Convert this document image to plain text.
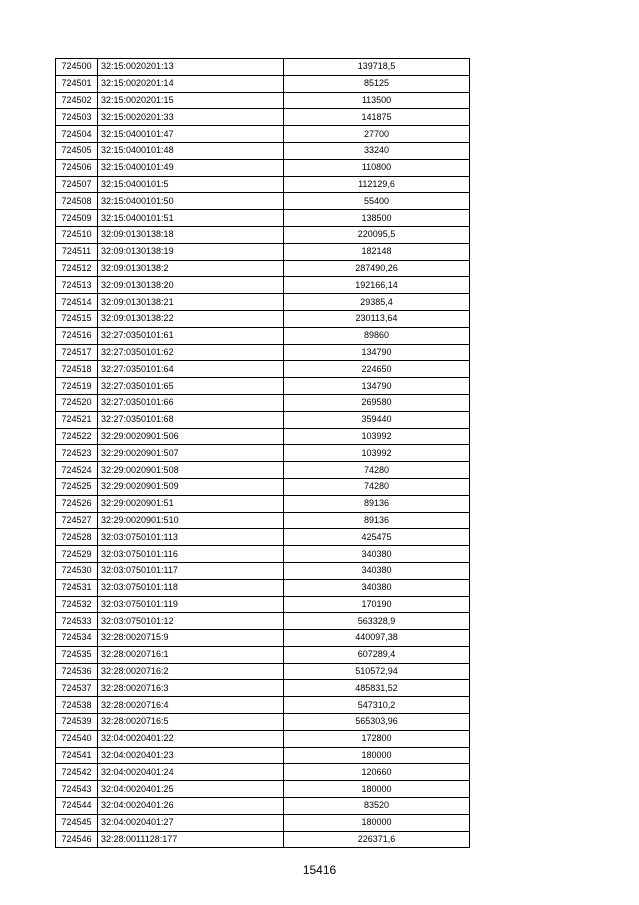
724500	32:15:0020201:13	139718,5
724501	32:15:0020201:14	85125
724502	32:15:0020201:15	113500
724503	32:15:0020201:33	141875
724504	32:15:0400101:47	27700
724505	32:15:0400101:48	33240
724506	32:15:0400101:49	110800
724507	32:15:0400101:5	112129,6
724508	32:15:0400101:50	55400
724509	32:15:0400101:51	138500
724510	32:09:0130138:18	220095,5
724511	32:09:0130138:19	182148
724512	32:09:0130138:2	287490,26
724513	32:09:0130138:20	192166,14
724514	32:09:0130138:21	29385,4
724515	32:09:0130138:22	230113,64
724516	32:27:0350101:61	89860
724517	32:27:0350101:62	134790
724518	32:27:0350101:64	224650
724519	32:27:0350101:65	134790
724520	32:27:0350101:66	269580
724521	32:27:0350101:68	359440
724522	32:29:0020901:506	103992
724523	32:29:0020901:507	103992
724524	32:29:0020901:508	74280
724525	32:29:0020901:509	74280
724526	32:29:0020901:51	89136
724527	32:29:0020901:510	89136
724528	32:03:0750101:113	425475
724529	32:03:0750101:116	340380
724530	32:03:0750101:117	340380
724531	32:03:0750101:118	340380
724532	32:03:0750101:119	170190
724533	32:03:0750101:12	563328,9
724534	32:28:0020715:9	440097,38
724535	32:28:0020716:1	607289,4
724536	32:28:0020716:2	510572,94
724537	32:28:0020716:3	485831,52
724538	32:28:0020716:4	547310,2
724539	32:28:0020716:5	565303,96
724540	32:04:0020401:22	172800
724541	32:04:0020401:23	180000
724542	32:04:0020401:24	120660
724543	32:04:0020401:25	180000
724544	32:04:0020401:26	83520
724545	32:04:0020401:27	180000
724546	32:28:0011128:177	226371,6
15416
